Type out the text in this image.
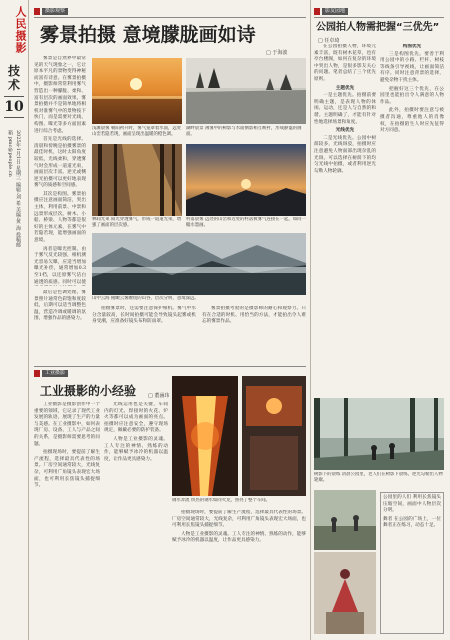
人民摄影
技术
10
2025年1月1日 星期三 编辑:刘 希 美编:黄 海 投稿邮箱 pmc@people.cn
摄影观察
雾景拍摄 意境朦胧画如诗
□ 于海波

雾景是自然界中最常见的天气现象之一，它让原本平凡的景物变得神秘而富有诗意。在雾景拍摄中，摄影师常常利用雾气营造出一种朦胧、柔和、富有层次的画面效果。雾景拍摄并不是简单地将相机对准雾气中的景物按下快门，而是需要对光线、构图、曝光等多方面因素进行综合考虑。

首先是光线的选择。清晨和傍晚是拍摄雾景的最佳时机，这时太阳角度较低，光线柔和，穿透雾气时会形成一道道光束，画面层次丰富。逆光或侧逆光拍摄可以更好地表现雾气的质感和空间感。

其次是构图。雾景拍摄应注意画面简洁，突出主体，利用前景、中景和远景形成层次。树木、小船、桥梁、人物等都是很好的主体元素，在雾气中若隐若现，能增强画面的意境。

再者是曝光控制。由于雾气反光较强，相机测光容易欠曝，应适当增加曝光补偿，通常增加0.3至1档，以还原雾气洁白通透的质感。同时可以使

浅滩晨雾 朝阳初升时，雾气笼罩着水面，远处山峦若隐若现，画面呈现出温暖的橙色调。
湖畔晨景 薄雾中的树影与水面倒影相互映衬，形成静谧的画面。
林间光束 阳光穿透雾气，形成一道道光束，增强了画面的层次感。
村落晨雾 远处的山峦和近处的村落被雾气连接在一起，如同一幅水墨画。
山中云海 俯瞰云雾缭绕的山谷，层次分明，意境深远。

最后是色调处理。雾景照片通常色彩饱和度较低，后期可以适当调整色温，营造冷调或暖调的氛围，增强作品的感染力。

拍摄雾景时，还需要注意保护相机。雾气中水分含量较高，长时间拍摄可能会导致镜头起雾或机身受潮，应准备好镜头布和防雨罩。

雾景拍摄考验的是摄影师的耐心和观察力。只有在合适的时机、用恰当的方法，才能拍出令人难忘的雾景作品。

工业摄影
工业摄影的小经验	□ 董涵玮

工业摄影是摄影创作中一个重要的领域，它记录了现代工业发展的轨迹，展现了生产的力量与美感。在工业摄影中，如何表现厂房、设备、工人与产品之间的关系，是摄影师需要思考的问题。

拍摄现场时，要提前了解生产流程，选择最具代表性的场景。厂房空间通常较大，光线复杂，可利用广角镜头表现宏大场面，也可利用长焦镜头捕捉细节。

光线运用也是关键，车间内的灯光、焊接时的火花、炉火等都可以成为画面的亮点。拍摄时应注意安全，遵守现场规定，佩戴必要的防护装备。

人物是工业摄影的灵魂。工人专注的神情、熟练的动作，能够赋予冰冷的机器以温度，让作品更具感染力。

钢水奔流 炽热的钢水如同火龙，照亮了整个车间。

拍摄现场时，要提前了解生产流程，选择最具代表性的场景。厂房空间通常较大，光线复杂，可利用广角镜头表现宏大场面，也可利用长焦镜头捕捉细节。

人物是工业摄影的灵魂。工人专注的神情、熟练的动作，能够赋予冰冷的机器以温度，让作品更具感染力。

影友园地
公园拍人物需把握“三优先”
□ 任卓琦

在公园拍摄人物，环境元素丰富，既有树木花草，也有亭台楼阁，如何在复杂的环境中突出人物，是很多影友关心的问题。笔者总结了三个优先原则。

主题优先

一是主题优先。拍摄前要明确主题，是表现人物的休闲、运动，还是人与自然的和谐。主题明确了，才能有针对性地选择场景和角度。

光线优先

二是光线优先。公园中树荫较多，光线斑驳，拍摄时应注意避免人物面部出现杂乱的光斑。可以选择在树荫下的均匀光线中拍摄，或者利用逆光勾勒人物轮廓。

构图优先

三是构图优先。要善于利用公园中的小路、栏杆、树枝等线条引导视线，让画面简洁有序。同时注意背景的选择，避免杂物干扰主体。

把握好这三个优先，在公园里也能拍出令人满意的人物作品。

此外，拍摄时要注意与被摄者沟通，尊重他人的肖像权，在拍摄陌生人时应先征得对方同意。

树影下的晨练 清晨公园里，老人们在树影下晨练，逆光勾勒出人物轮廓。

公园里的人们 利用长焦镜头压缩空间，画面中人物层次分明。

舞者 在公园的广场上，一位舞者正在练习，动态十足。
